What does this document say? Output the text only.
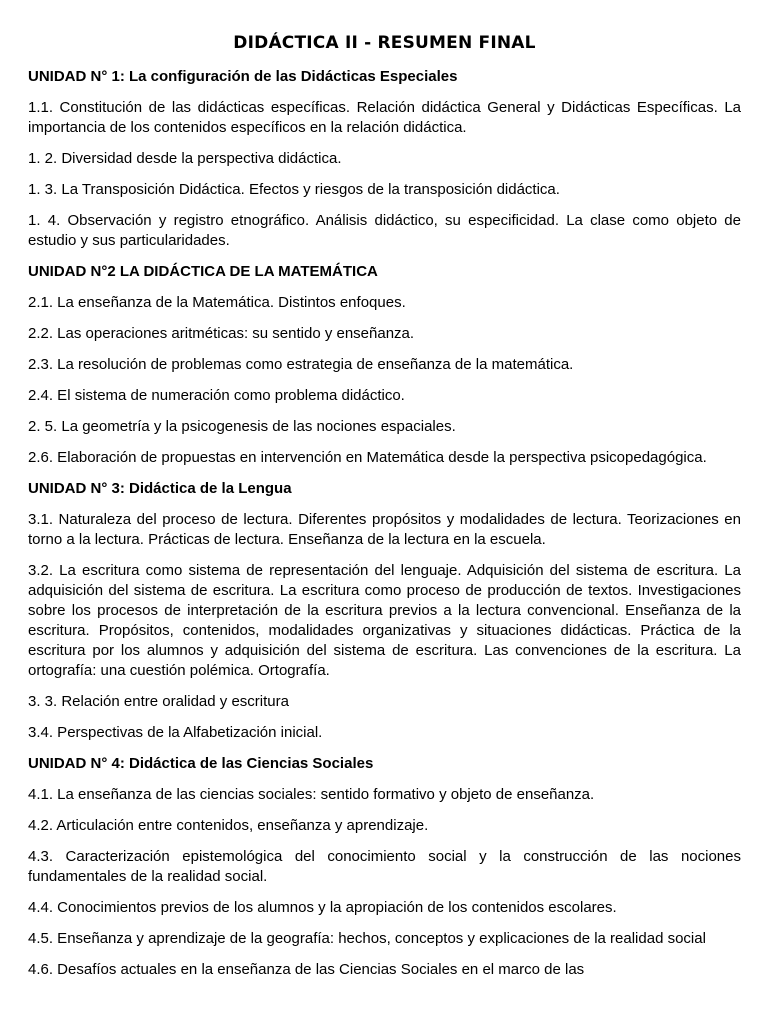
DIDÁCTICA II - RESUMEN FINAL
UNIDAD N° 1: La configuración de las Didácticas Especiales

1.1. Constitución de las didácticas específicas. Relación didáctica General y Didácticas Específicas. La importancia de los contenidos específicos en la relación didáctica.

1. 2. Diversidad desde la perspectiva didáctica.

1. 3. La Transposición Didáctica. Efectos y riesgos de la transposición didáctica.

1. 4. Observación y registro etnográfico. Análisis didáctico, su especificidad. La clase como objeto de estudio y sus particularidades.

UNIDAD N°2 LA DIDÁCTICA DE LA MATEMÁTICA

2.1. La enseñanza de la Matemática. Distintos enfoques.

2.2. Las operaciones aritméticas: su sentido y enseñanza.

2.3. La resolución de problemas como estrategia de enseñanza de la matemática.

2.4. El sistema de numeración como problema didáctico.

2. 5. La geometría y la psicogenesis de las nociones espaciales.

2.6. Elaboración de propuestas en intervención en Matemática desde la perspectiva psicopedagógica.

UNIDAD N° 3: Didáctica de la Lengua

3.1. Naturaleza del proceso de lectura. Diferentes propósitos y modalidades de lectura. Teorizaciones en torno a la lectura. Prácticas de lectura. Enseñanza de la lectura en la escuela.

3.2. La escritura como sistema de representación del lenguaje. Adquisición del sistema de escritura. La adquisición del sistema de escritura. La escritura como proceso de producción de textos. Investigaciones sobre los procesos de interpretación de la escritura previos a la lectura convencional. Enseñanza de la escritura. Propósitos, contenidos, modalidades organizativas y situaciones didácticas. Práctica de la escritura por los alumnos y adquisición del sistema de escritura. Las convenciones de la escritura. La ortografía: una cuestión polémica. Ortografía.

3. 3. Relación entre oralidad y escritura

3.4. Perspectivas de la Alfabetización inicial.

UNIDAD N° 4: Didáctica de las Ciencias Sociales

4.1. La enseñanza de las ciencias sociales: sentido formativo y objeto de enseñanza.

4.2. Articulación entre contenidos, enseñanza y aprendizaje.

4.3. Caracterización epistemológica del conocimiento social y la construcción de las nociones fundamentales de la realidad social.

4.4. Conocimientos previos de los alumnos y la apropiación de los contenidos escolares.

4.5. Enseñanza y aprendizaje de la geografía: hechos, conceptos y explicaciones de la realidad social

4.6. Desafíos actuales en la enseñanza de las Ciencias Sociales en el marco de las
